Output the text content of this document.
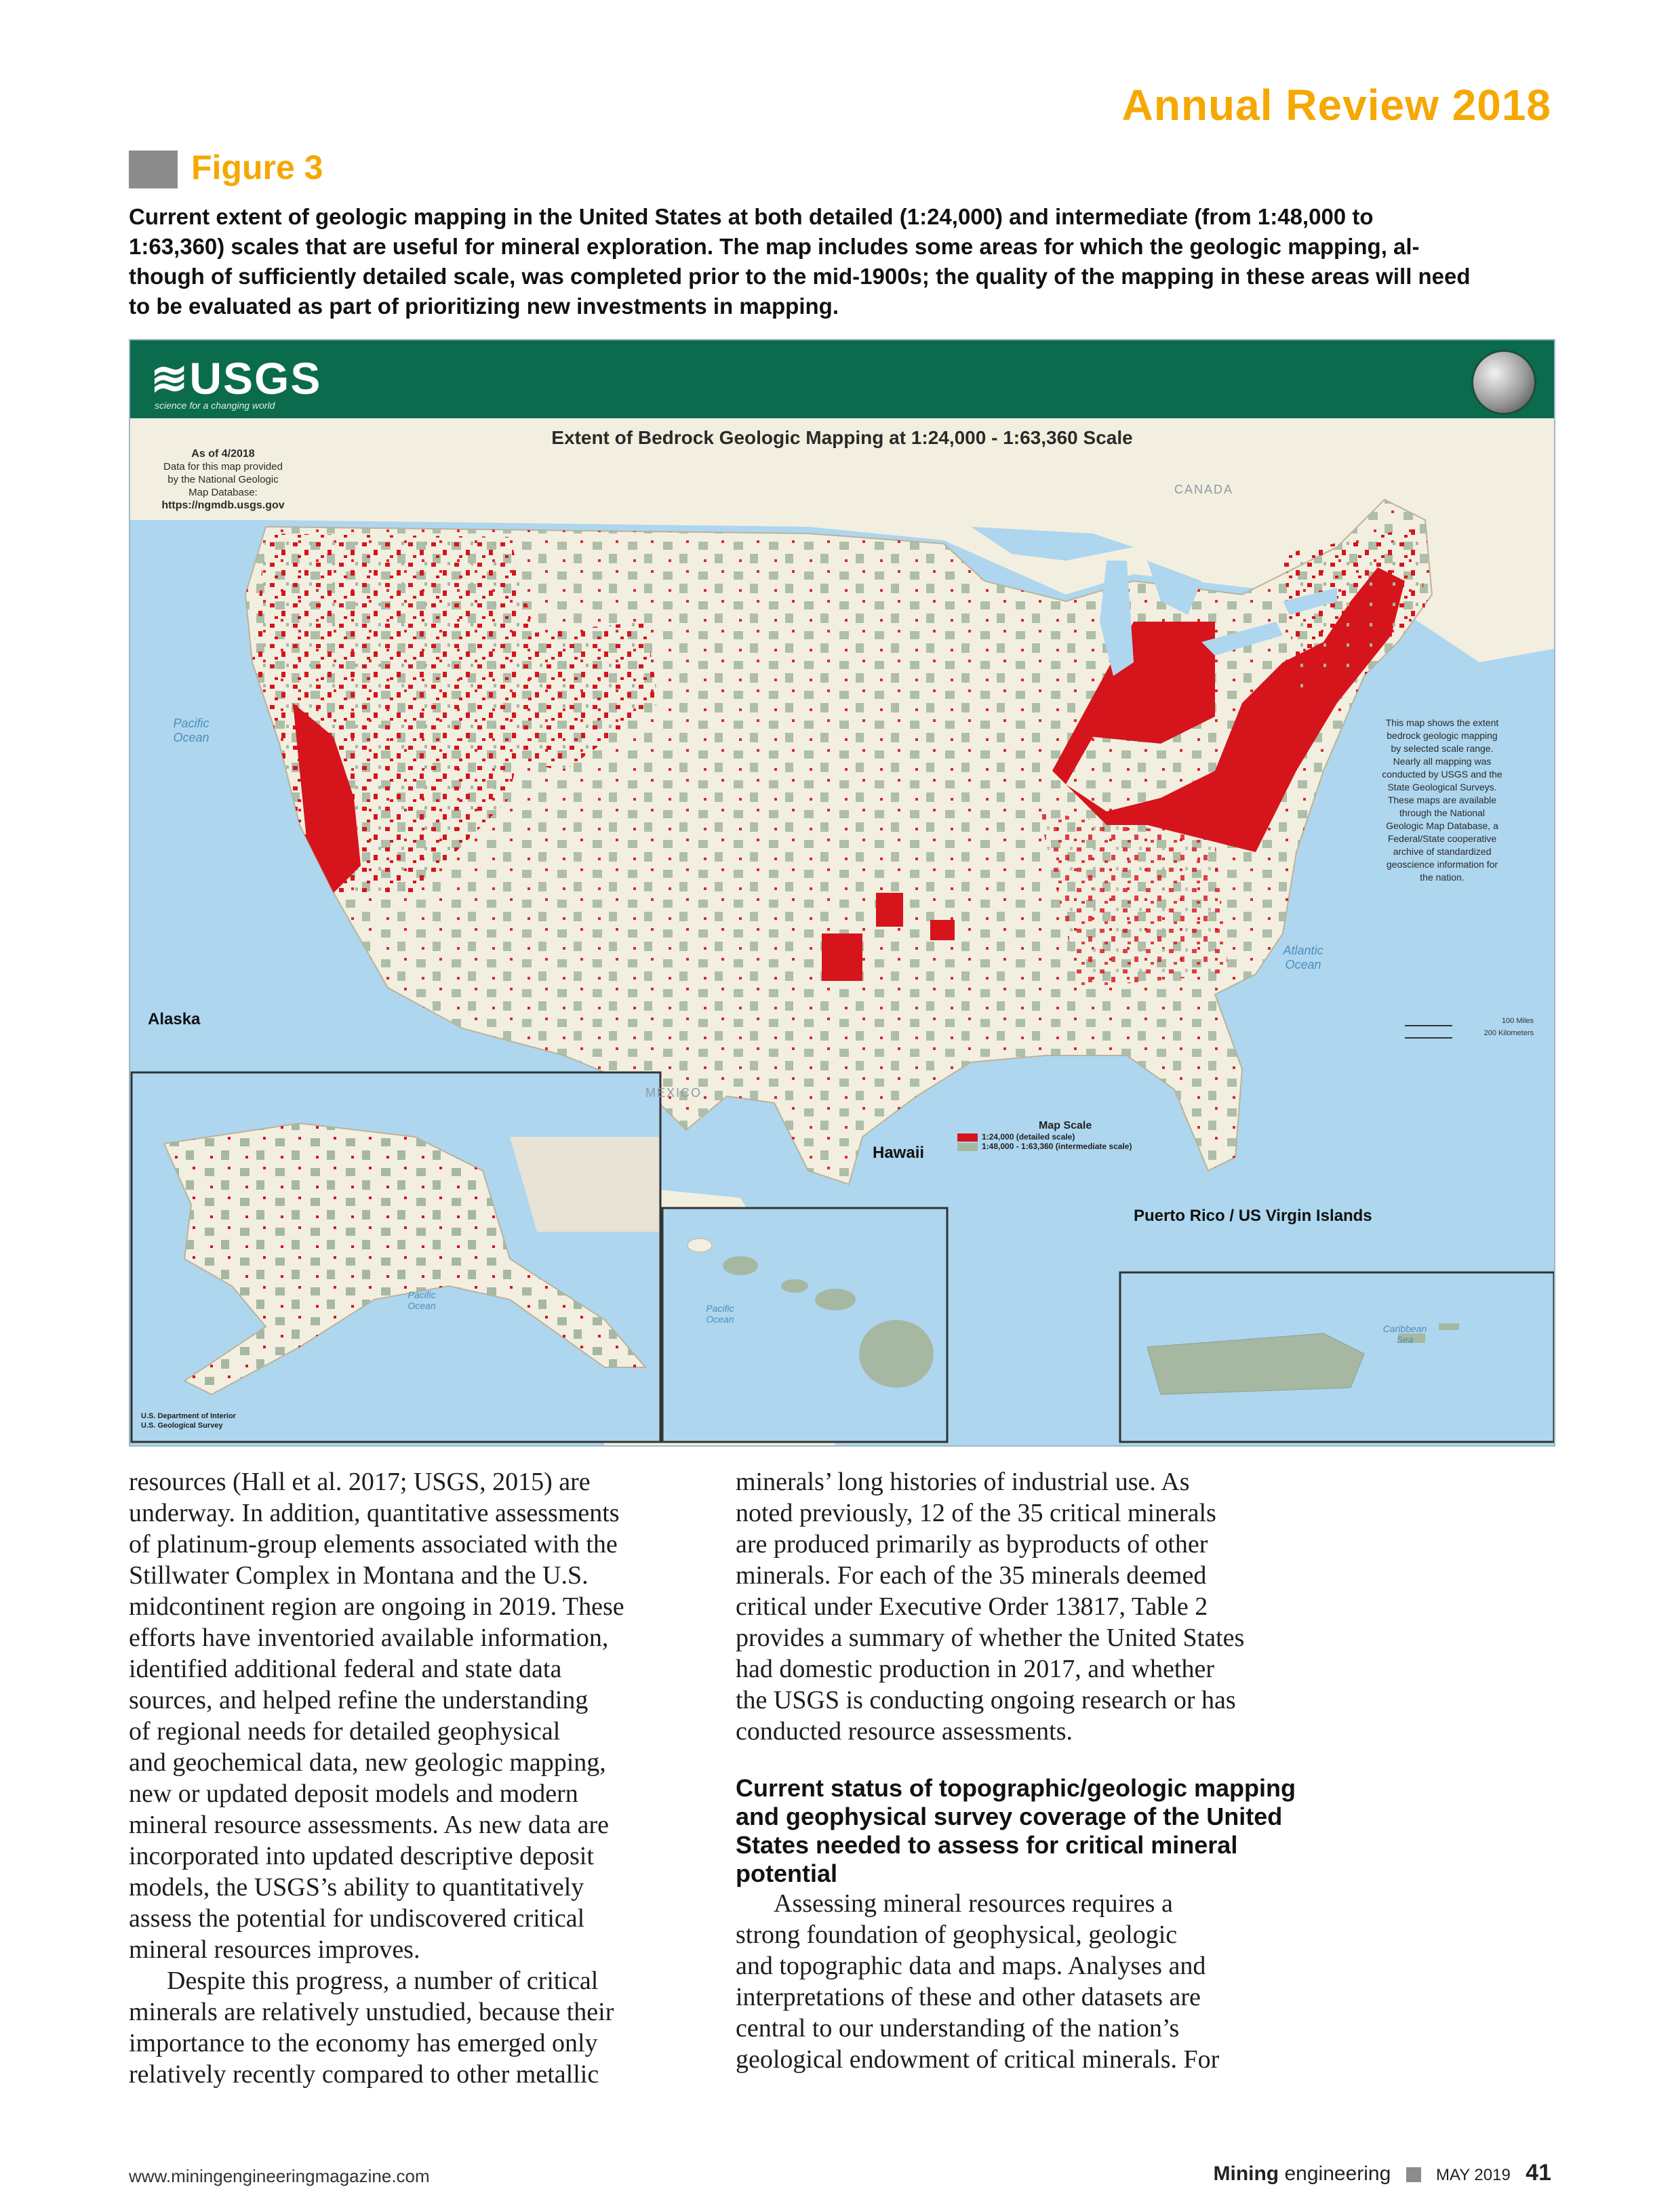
Annual Review 2018
Figure 3

Current extent of geologic mapping in the United States at both detailed (1:24,000) and intermediate (from 1:48,000 to

1:63,360) scales that are useful for mineral exploration. The map includes some areas for which the geologic mapping, al-

though of sufficiently detailed scale, was completed prior to the mid-1900s; the quality of the mapping in these areas will need

to be evaluated as part of prioritizing new investments in mapping.

≋USGS
science for a changing world
Extent of Bedrock Geologic Mapping at 1:24,000 - 1:63,360 Scale
As of 4/2018
Data for this map provided
by the National Geologic
Map Database:
https://ngmdb.usgs.gov
This map shows the extent
bedrock geologic mapping
by selected scale range.
Nearly all mapping was
conducted by USGS and the
State Geological Surveys.
These maps are available
through the National
Geologic Map Database, a
Federal/State cooperative
archive of standardized
geoscience information for
the nation.
CANADA
MEXICO
Pacific
Ocean
Atlantic
Ocean
Pacific
Ocean	Pacific
Ocean
Caribbean
Sea
Alaska
Hawaii
Puerto Rico / US Virgin Islands
Map Scale
1:24,000 (detailed scale)
1:48,000 - 1:63,360 (intermediate scale)
100 Miles
200 Kilometers
U.S. Department of Interior
U.S. Geological Survey

resources (Hall et al. 2017; USGS, 2015) are

underway. In addition, quantitative assessments

of platinum-group elements associated with the

Stillwater Complex in Montana and the U.S.

midcontinent region are ongoing in 2019. These

efforts have inventoried available information,

identified additional federal and state data

sources, and helped refine the understanding

of regional needs for detailed geophysical

and geochemical data, new geologic mapping,

new or updated deposit models and modern

mineral resource assessments. As new data are

incorporated into updated descriptive deposit

models, the USGS’s ability to quantitatively

assess the potential for undiscovered critical

mineral resources improves.

Despite this progress, a number of critical

minerals are relatively unstudied, because their

importance to the economy has emerged only

relatively recently compared to other metallic

minerals’ long histories of industrial use. As

noted previously, 12 of the 35 critical minerals

are produced primarily as byproducts of other

minerals. For each of the 35 minerals deemed

critical under Executive Order 13817, Table 2

provides a summary of whether the United States

had domestic production in 2017, and whether

the USGS is conducting ongoing research or has

conducted resource assessments.

Current status of topographic/geologic mapping

and geophysical survey coverage of the United

States needed to assess for critical mineral

potential

Assessing mineral resources requires a

strong foundation of geophysical, geologic

and topographic data and maps. Analyses and

interpretations of these and other datasets are

central to our understanding of the nation’s

geological endowment of critical minerals. For

www.miningengineeringmagazine.com	Mining engineering	MAY 2019 41
